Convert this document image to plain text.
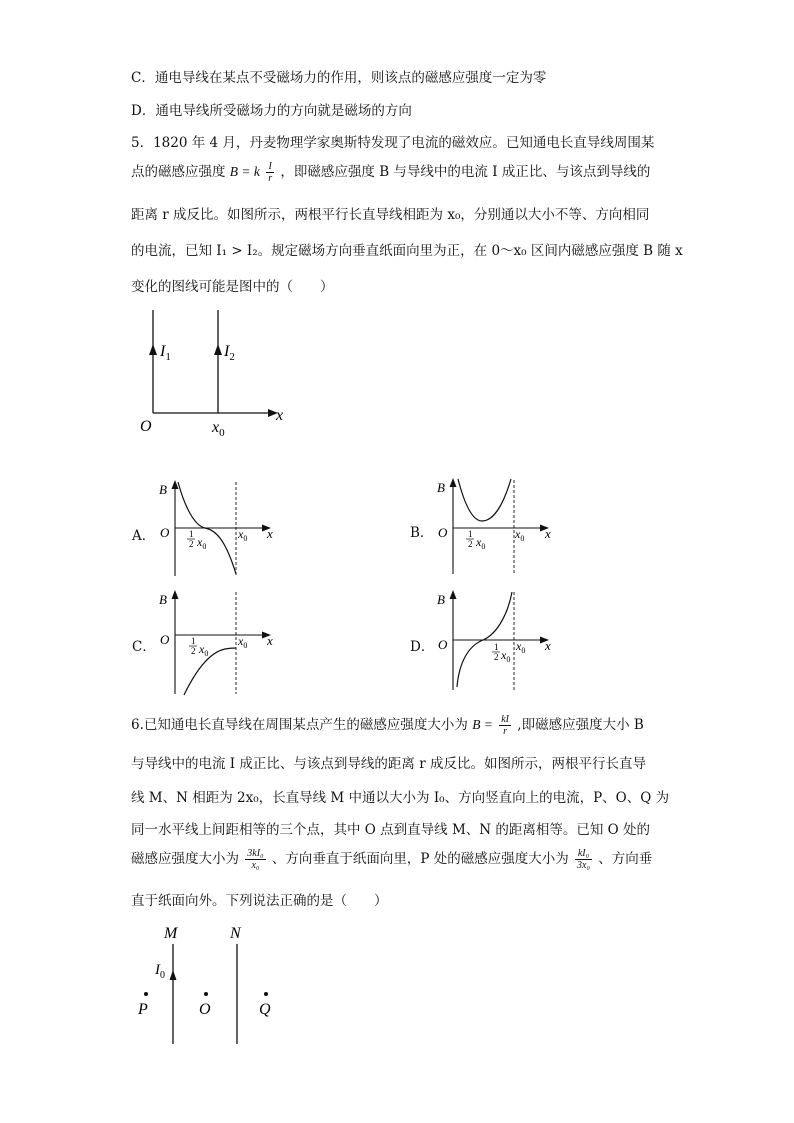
C．通电导线在某点不受磁场力的作用，则该点的磁感应强度一定为零
D．通电导线所受磁场力的方向就是磁场的方向
5．1820 年 4 月，丹麦物理学家奥斯特发现了电流的磁效应。已知通电长直导线周围某
点的磁感应强度 B = k $\frac{I}{r}$ ，即磁感应强度 B 与导线中的电流 I 成正比、与该点到导线的
距离 r 成反比。如图所示，两根平行长直导线相距为 x₀，分别通以大小不等、方向相同
的电流，已知 I₁ > I₂。规定磁场方向垂直纸面向里为正，在 0～x₀ 区间内磁感应强度 B 随 x
变化的图线可能是图中的（　　）
$I_1$	$I_2$
O	$x_0$
x
A．
B
O	x
1
2 $x_0$
$x_0$	B．
B
O	x
1
2 $x_0$
$x_0$
C．
B
O	x
1
2 $x_0$
$x_0$	D．
B
O	x
1
2 $x_0$
$x_0$
6.已知通电长直导线在周围某点产生的磁感应强度大小为 $B = \frac{kI}{r}$ ,即磁感应强度大小 B
与导线中的电流 I 成正比、与该点到导线的距离 r 成反比。如图所示，两根平行长直导
线 M、N 相距为 2x₀，长直导线 M 中通以大小为 I₀、方向竖直向上的电流，P、O、Q 为
同一水平线上间距相等的三个点，其中 O 点到直导线 M、N 的距离相等。已知 O 处的
磁感应强度大小为 $\frac{\text{3kI₀}}{\text{x₀}}$ 、方向垂直于纸面向里，P 处的磁感应强度大小为 $\frac{\text{kI₀}}{\text{3x₀}}$ 、方向垂
直于纸面向外。下列说法正确的是（　　）
M	N
$I_0$
P	O	Q
